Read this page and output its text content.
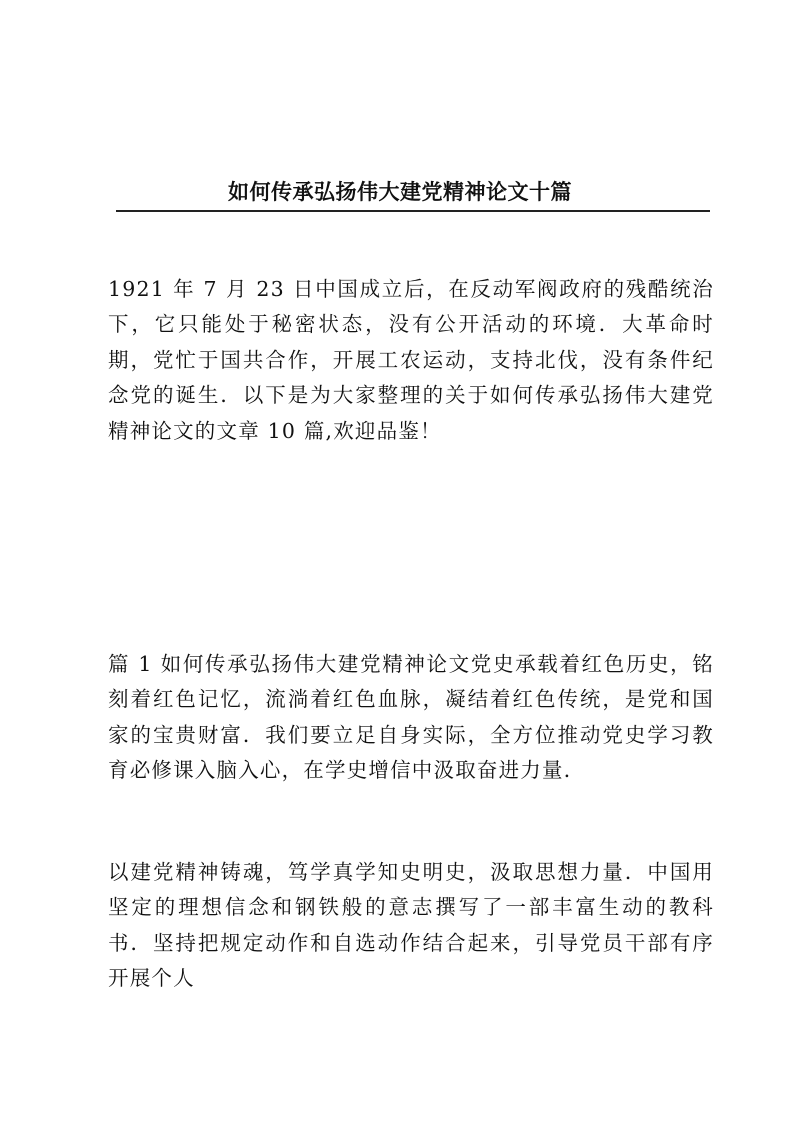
如何传承弘扬伟大建党精神论文十篇

1921 年 7 月 23 日中国成立后，在反动军阀政府的残酷统治下，它只能处于秘密状态，没有公开活动的环境．大革命时期，党忙于国共合作，开展工农运动，支持北伐，没有条件纪念党的诞生．以下是为大家整理的关于如何传承弘扬伟大建党精神论文的文章 10 篇,欢迎品鉴！

篇 1 如何传承弘扬伟大建党精神论文党史承载着红色历史，铭刻着红色记忆，流淌着红色血脉，凝结着红色传统，是党和国家的宝贵财富．我们要立足自身实际，全方位推动党史学习教育必修课入脑入心，在学史增信中汲取奋进力量．

以建党精神铸魂，笃学真学知史明史，汲取思想力量．中国用坚定的理想信念和钢铁般的意志撰写了一部丰富生动的教科书．坚持把规定动作和自选动作结合起来，引导党员干部有序开展个人
